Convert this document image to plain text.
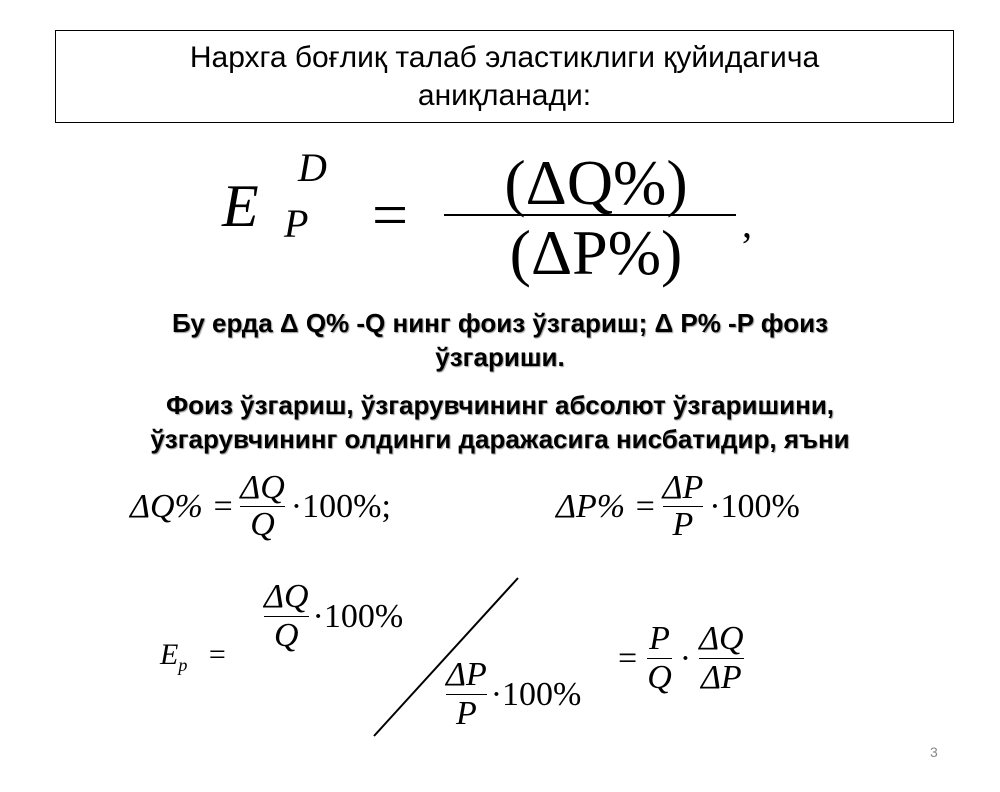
Нархга боғлиқ талаб эластиклиги қуйидагича
аниқланади:
E
D
P =	(ΔQ%)
(ΔP%)	,
Бу ерда Δ Q% -Q нинг фоиз ўзгариш; Δ P% -P фоиз
ўзгариши.
Фоиз ўзгариш, ўзгарувчининг абсолют ўзгаришини,
ўзгарувчининг олдинги даражасига нисбатидир, яъни
$\Delta Q\% = \frac{\Delta Q}{Q} \cdot 100\%$;	$\Delta P\% = \frac{\Delta P}{P} \cdot 100\%$
$E_p = \frac{\Delta Q}{Q} \cdot 100\%$
$\frac{\Delta P}{P} \cdot 100\%$
= $\frac{P}{Q} \cdot \frac{\Delta Q}{\Delta P}$
3
